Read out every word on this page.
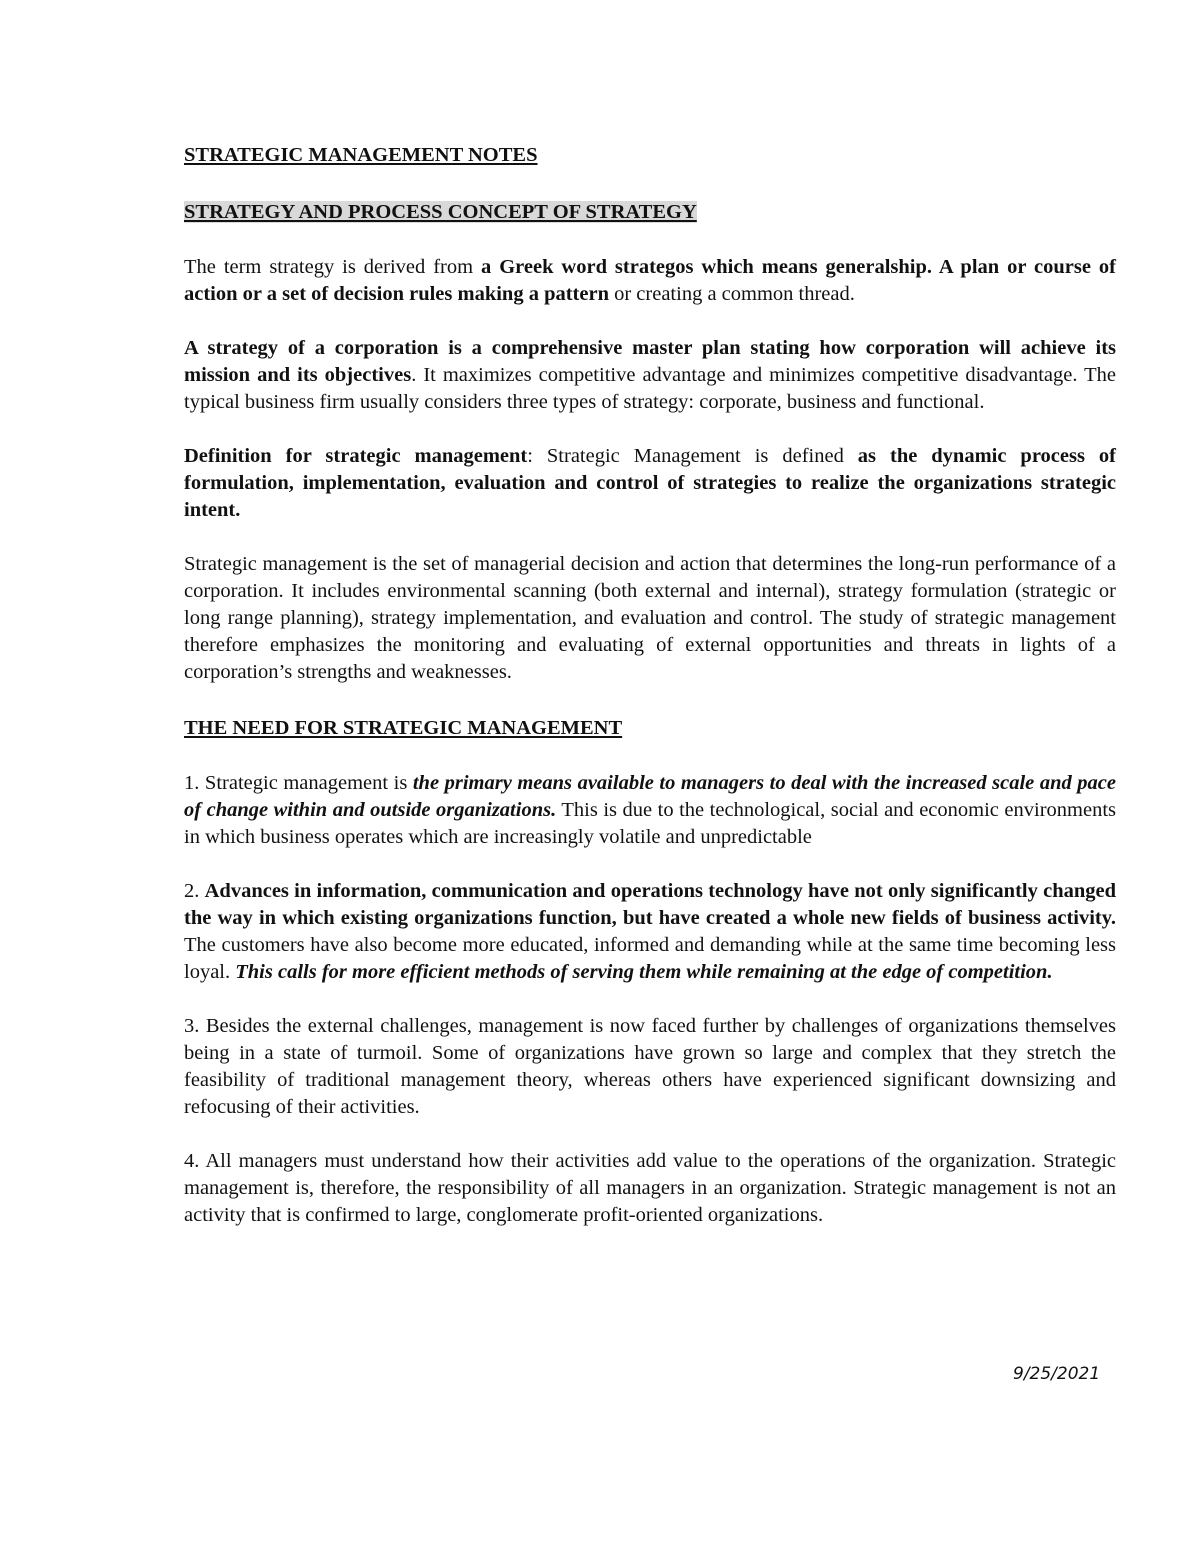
STRATEGIC MANAGEMENT NOTES
STRATEGY AND PROCESS CONCEPT OF STRATEGY

The term strategy is derived from a Greek word strategos which means generalship. A plan or course of action or a set of decision rules making a pattern or creating a common thread.

A strategy of a corporation is a comprehensive master plan stating how corporation will achieve its mission and its objectives. It maximizes competitive advantage and minimizes competitive disadvantage. The typical business firm usually considers three types of strategy: corporate, business and functional.

Definition for strategic management: Strategic Management is defined as the dynamic process of formulation, implementation, evaluation and control of strategies to realize the organizations strategic intent.

Strategic management is the set of managerial decision and action that determines the long-run performance of a corporation. It includes environmental scanning (both external and internal), strategy formulation (strategic or long range planning), strategy implementation, and evaluation and control. The study of strategic management therefore emphasizes the monitoring and evaluating of external opportunities and threats in lights of a corporation’s strengths and weaknesses.

THE NEED FOR STRATEGIC MANAGEMENT

1. Strategic management is the primary means available to managers to deal with the increased scale and pace of change within and outside organizations. This is due to the technological, social and economic environments in which business operates which are increasingly volatile and unpredictable

2. Advances in information, communication and operations technology have not only significantly changed the way in which existing organizations function, but have created a whole new fields of business activity. The customers have also become more educated, informed and demanding while at the same time becoming less loyal. This calls for more efficient methods of serving them while remaining at the edge of competition.

3. Besides the external challenges, management is now faced further by challenges of organizations themselves being in a state of turmoil. Some of organizations have grown so large and complex that they stretch the feasibility of traditional management theory, whereas others have experienced significant downsizing and refocusing of their activities.

4. All managers must understand how their activities add value to the operations of the organization. Strategic management is, therefore, the responsibility of all managers in an organization. Strategic management is not an activity that is confirmed to large, conglomerate profit-oriented organizations.

9/25/2021
